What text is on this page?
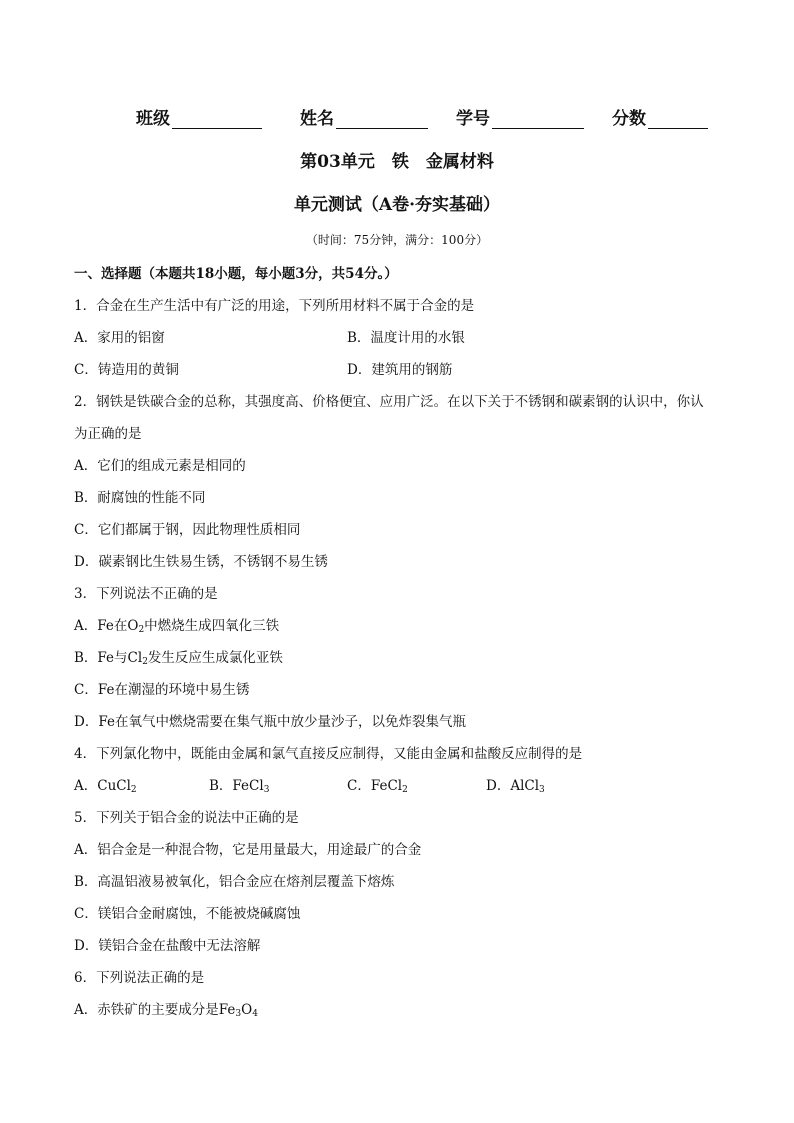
班级	姓名	学号	分数
第03单元　铁　金属材料
单元测试（A卷·夯实基础）
（时间：75分钟，满分：100分）
一、选择题（本题共18小题，每小题3分，共54分。）
1．合金在生产生活中有广泛的用途，下列所用材料不属于合金的是
A．家用的铝窗	B．温度计用的水银
C．铸造用的黄铜	D．建筑用的钢筋
2．钢铁是铁碳合金的总称，其强度高、价格便宜、应用广泛。在以下关于不锈钢和碳素钢的认识中，你认
为正确的是
A．它们的组成元素是相同的
B．耐腐蚀的性能不同
C．它们都属于钢，因此物理性质相同
D．碳素钢比生铁易生锈，不锈钢不易生锈
3．下列说法不正确的是
A．Fe在$O_2$中燃烧生成四氧化三铁
B．Fe与$Cl_2$发生反应生成氯化亚铁
C．Fe在潮湿的环境中易生锈
D．Fe在氧气中燃烧需要在集气瓶中放少量沙子，以免炸裂集气瓶
4．下列氯化物中，既能由金属和氯气直接反应制得，又能由金属和盐酸反应制得的是
A．CuCl$_2$	B．FeCl$_3$	C．FeCl$_2$	D．AlCl$_3$
5．下列关于铝合金的说法中正确的是
A．铝合金是一种混合物，它是用量最大，用途最广的合金
B．高温铝液易被氧化，铝合金应在熔剂层覆盖下熔炼
C．镁铝合金耐腐蚀，不能被烧碱腐蚀
D．镁铝合金在盐酸中无法溶解
6．下列说法正确的是
A．赤铁矿的主要成分是$Fe_3O_4$
